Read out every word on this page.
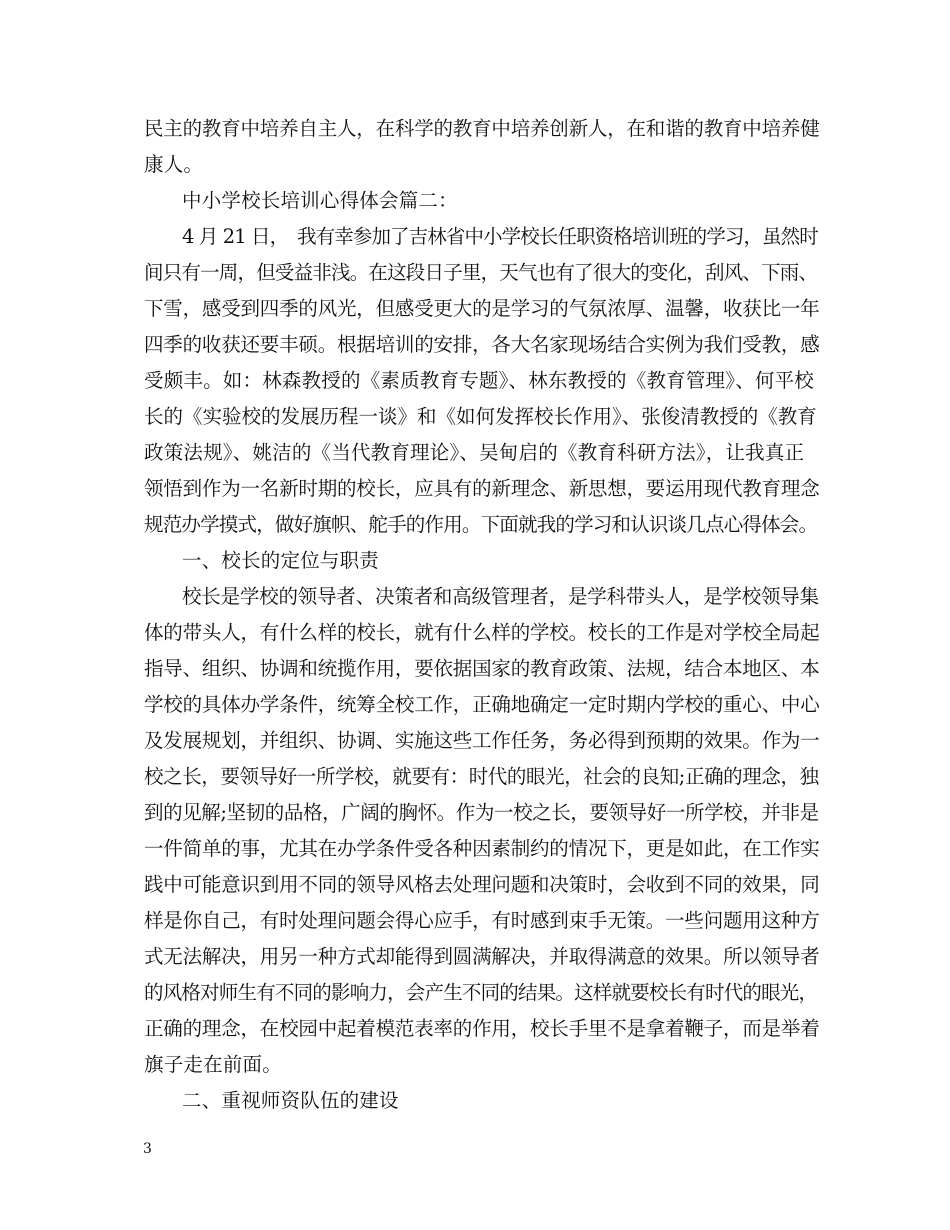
民主的教育中培养自主人，在科学的教育中培养创新人，在和谐的教育中培养健
康人。
中小学校长培训心得体会篇二：
4 月 21 日，　我有幸参加了吉林省中小学校长任职资格培训班的学习，虽然时
间只有一周，但受益非浅。在这段日子里，天气也有了很大的变化，刮风、下雨、
下雪，感受到四季的风光，但感受更大的是学习的气氛浓厚、温馨，收获比一年
四季的收获还要丰硕。根据培训的安排，各大名家现场结合实例为我们受教，感
受颇丰。如：林森教授的《素质教育专题》、林东教授的《教育管理》、何平校
长的《实验校的发展历程一谈》和《如何发挥校长作用》、张俊清教授的《教育
政策法规》、姚洁的《当代教育理论》、吴甸启的《教育科研方法》，让我真正
领悟到作为一名新时期的校长，应具有的新理念、新思想，要运用现代教育理念
规范办学摸式，做好旗帜、舵手的作用。下面就我的学习和认识谈几点心得体会。
一、校长的定位与职责
校长是学校的领导者、决策者和高级管理者，是学科带头人，是学校领导集
体的带头人，有什么样的校长，就有什么样的学校。校长的工作是对学校全局起
指导、组织、协调和统揽作用，要依据国家的教育政策、法规，结合本地区、本
学校的具体办学条件，统筹全校工作，正确地确定一定时期内学校的重心、中心
及发展规划，并组织、协调、实施这些工作任务，务必得到预期的效果。作为一
校之长，要领导好一所学校，就要有：时代的眼光，社会的良知;正确的理念，独
到的见解;坚韧的品格，广阔的胸怀。作为一校之长，要领导好一所学校，并非是
一件简单的事，尤其在办学条件受各种因素制约的情况下，更是如此，在工作实
践中可能意识到用不同的领导风格去处理问题和决策时，会收到不同的效果，同
样是你自己，有时处理问题会得心应手，有时感到束手无策。一些问题用这种方
式无法解决，用另一种方式却能得到圆满解决，并取得满意的效果。所以领导者
的风格对师生有不同的影响力，会产生不同的结果。这样就要校长有时代的眼光，
正确的理念，在校园中起着模范表率的作用，校长手里不是拿着鞭子，而是举着
旗子走在前面。
二、重视师资队伍的建设
3
